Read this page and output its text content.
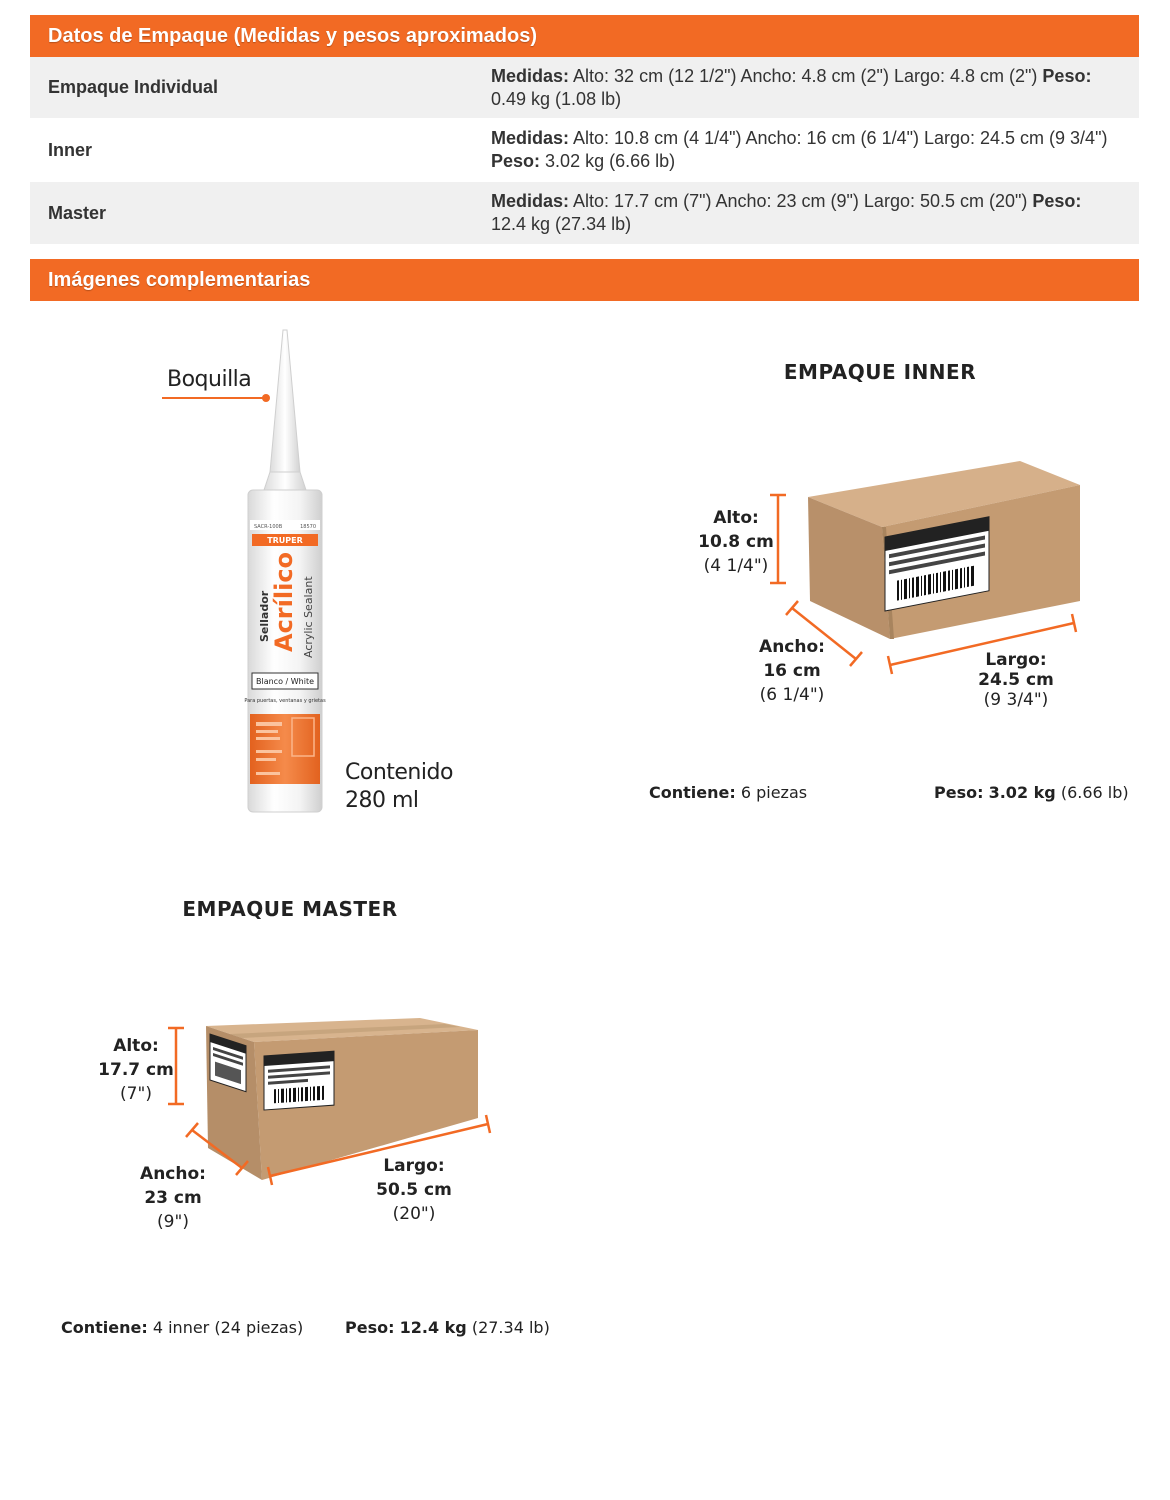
Datos de Empaque (Medidas y pesos aproximados)
Empaque Individual	Medidas: Alto: 32 cm (12 1/2") Ancho: 4.8 cm (2") Largo: 4.8 cm (2") Peso: 0.49 kg (1.08 lb)
Inner	Medidas: Alto: 10.8 cm (4 1/4") Ancho: 16 cm (6 1/4") Largo: 24.5 cm (9 3/4") Peso: 3.02 kg (6.66 lb)
Master	Medidas: Alto: 17.7 cm (7") Ancho: 23 cm (9") Largo: 50.5 cm (20") Peso: 12.4 kg (27.34 lb)
Imágenes complementarias
TRUPER
SACR-100B	18570
Sellador Acrílico Acrylic Sealant
Blanco / White
Para puertas, ventanas y grietas
Boquilla
Contenido
280 ml
EMPAQUE INNER
Alto:
10.8 cm
(4 1/4")
Ancho:
16 cm
(6 1/4")
Largo:
24.5 cm
(9 3/4")
Contiene: 6 piezas	Peso: 3.02 kg (6.66 lb)
EMPAQUE MASTER
Alto:
17.7 cm
(7")
Ancho:
23 cm
(9")
Largo:
50.5 cm
(20")
Contiene: 4 inner (24 piezas)	Peso: 12.4 kg (27.34 lb)
